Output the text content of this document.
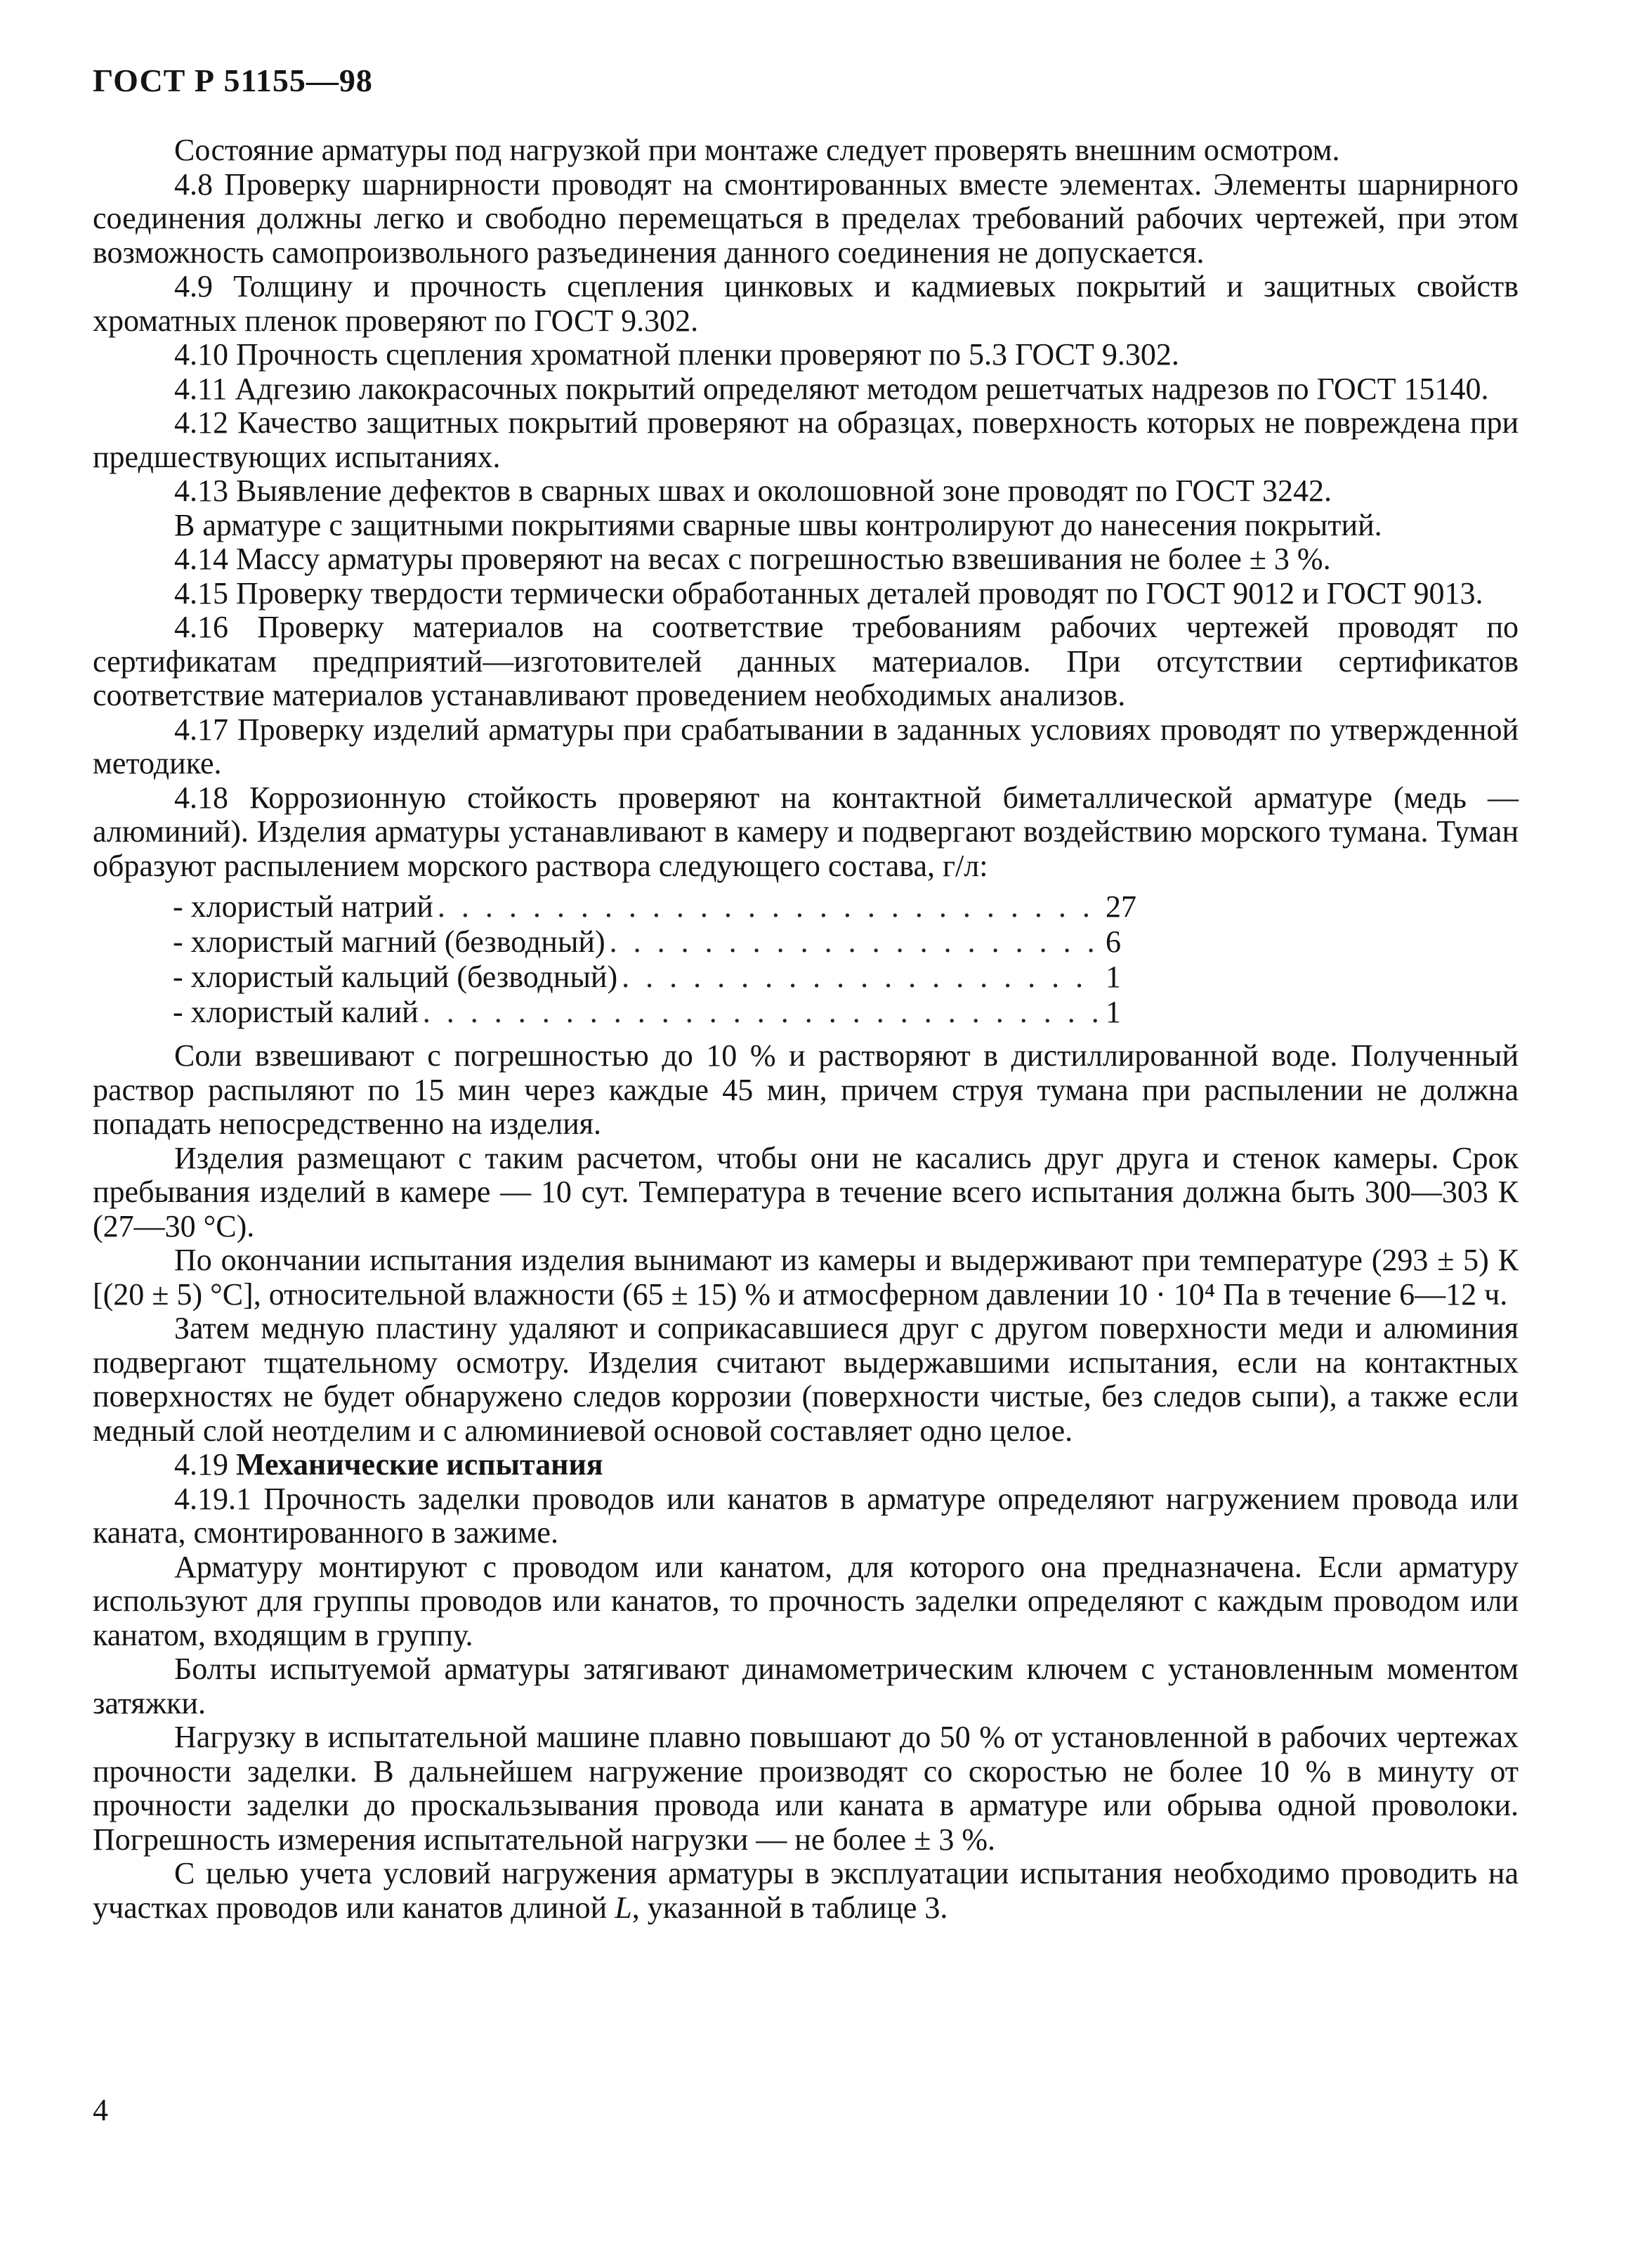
ГОСТ Р 51155—98

Состояние арматуры под нагрузкой при монтаже следует проверять внешним осмотром.

4.8 Проверку шарнирности проводят на смонтированных вместе элементах. Элементы шарнирного соединения должны легко и свободно перемещаться в пределах требований рабочих чертежей, при этом возможность самопроизвольного разъединения данного соединения не допускается.

4.9 Толщину и прочность сцепления цинковых и кадмиевых покрытий и защитных свойств хроматных пленок проверяют по ГОСТ 9.302.

4.10 Прочность сцепления хроматной пленки проверяют по 5.3 ГОСТ 9.302.

4.11 Адгезию лакокрасочных покрытий определяют методом решетчатых надрезов по ГОСТ 15140.

4.12 Качество защитных покрытий проверяют на образцах, поверхность которых не повреждена при предшествующих испытаниях.

4.13 Выявление дефектов в сварных швах и околошовной зоне проводят по ГОСТ 3242.

В арматуре с защитными покрытиями сварные швы контролируют до нанесения покрытий.

4.14 Массу арматуры проверяют на весах с погрешностью взвешивания не более ± 3 %.

4.15 Проверку твердости термически обработанных деталей проводят по ГОСТ 9012 и ГОСТ 9013.

4.16 Проверку материалов на соответствие требованиям рабочих чертежей проводят по сертификатам предприятий—изготовителей данных материалов. При отсутствии сертификатов соответствие материалов устанавливают проведением необходимых анализов.

4.17 Проверку изделий арматуры при срабатывании в заданных условиях проводят по утвержденной методике.

4.18 Коррозионную стойкость проверяют на контактной биметаллической арматуре (медь — алюминий). Изделия арматуры устанавливают в камеру и подвергают воздействию морского тумана. Туман образуют распылением морского раствора следующего состава, г/л:

- хлористый натрий . . .	27
- хлористый магний (безводный) . . .	6
- хлористый кальций (безводный) . . .	1
- хлористый калий . . .	1

Соли взвешивают с погрешностью до 10 % и растворяют в дистиллированной воде. Полученный раствор распыляют по 15 мин через каждые 45 мин, причем струя тумана при распылении не должна попадать непосредственно на изделия.

Изделия размещают с таким расчетом, чтобы они не касались друг друга и стенок камеры. Срок пребывания изделий в камере — 10 сут. Температура в течение всего испытания должна быть 300—303 К (27—30 °С).

По окончании испытания изделия вынимают из камеры и выдерживают при температуре (293 ± 5) К [(20 ± 5) °С], относительной влажности (65 ± 15) % и атмосферном давлении 10 · 10⁴ Па в течение 6—12 ч.

Затем медную пластину удаляют и соприкасавшиеся друг с другом поверхности меди и алюминия подвергают тщательному осмотру. Изделия считают выдержавшими испытания, если на контактных поверхностях не будет обнаружено следов коррозии (поверхности чистые, без следов сыпи), а также если медный слой неотделим и с алюминиевой основой составляет одно целое.

4.19 Механические испытания

4.19.1 Прочность заделки проводов или канатов в арматуре определяют нагружением провода или каната, смонтированного в зажиме.

Арматуру монтируют с проводом или канатом, для которого она предназначена. Если арматуру используют для группы проводов или канатов, то прочность заделки определяют с каждым проводом или канатом, входящим в группу.

Болты испытуемой арматуры затягивают динамометрическим ключем с установленным моментом затяжки.

Нагрузку в испытательной машине плавно повышают до 50 % от установленной в рабочих чертежах прочности заделки. В дальнейшем нагружение производят со скоростью не более 10 % в минуту от прочности заделки до проскальзывания провода или каната в арматуре или обрыва одной проволоки. Погрешность измерения испытательной нагрузки — не более ± 3 %.

С целью учета условий нагружения арматуры в эксплуатации испытания необходимо проводить на участках проводов или канатов длиной L, указанной в таблице 3.

4
